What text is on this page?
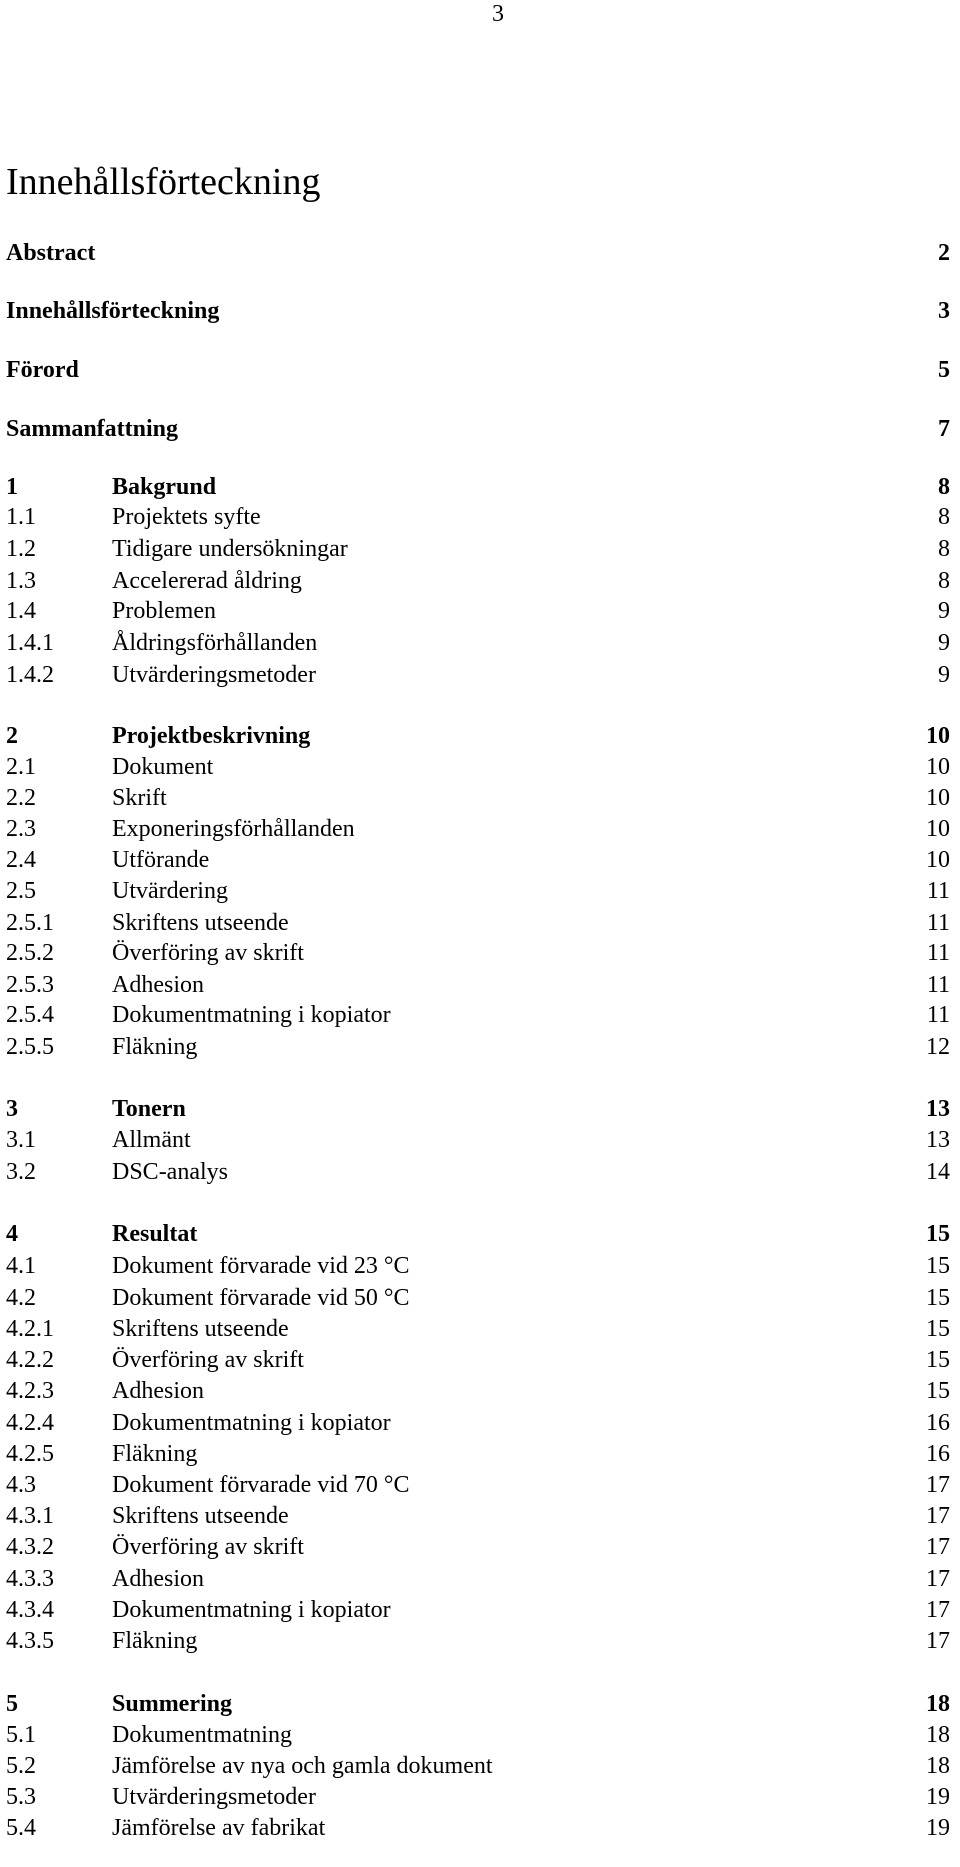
3
Innehållsförteckning
Abstract	2
Innehållsförteckning	3
Förord	5
Sammanfattning	7
1	Bakgrund	8
1.1	Projektets syfte	8
1.2	Tidigare undersökningar	8
1.3	Accelererad åldring	8
1.4	Problemen	9
1.4.1 Åldringsförhållanden	9
1.4.2 Utvärderingsmetoder	9
2	Projektbeskrivning	10
2.1	Dokument	10
2.2	Skrift	10
2.3	Exponeringsförhållanden	10
2.4	Utförande	10
2.5	Utvärdering	11
2.5.1 Skriftens utseende	11
2.5.2 Överföring av skrift	11
2.5.3 Adhesion	11
2.5.4 Dokumentmatning i kopiator	11
2.5.5 Fläkning	12
3	Tonern	13
3.1	Allmänt	13
3.2	DSC-analys	14
4	Resultat	15
4.1	Dokument förvarade vid 23 °C	15
4.2	Dokument förvarade vid 50 °C	15
4.2.1 Skriftens utseende	15
4.2.2 Överföring av skrift	15
4.2.3 Adhesion	15
4.2.4 Dokumentmatning i kopiator	16
4.2.5 Fläkning	16
4.3	Dokument förvarade vid 70 °C	17
4.3.1 Skriftens utseende	17
4.3.2 Överföring av skrift	17
4.3.3 Adhesion	17
4.3.4 Dokumentmatning i kopiator	17
4.3.5 Fläkning	17
5	Summering	18
5.1	Dokumentmatning	18
5.2	Jämförelse av nya och gamla dokument	18
5.3	Utvärderingsmetoder	19
5.4	Jämförelse av fabrikat	19
